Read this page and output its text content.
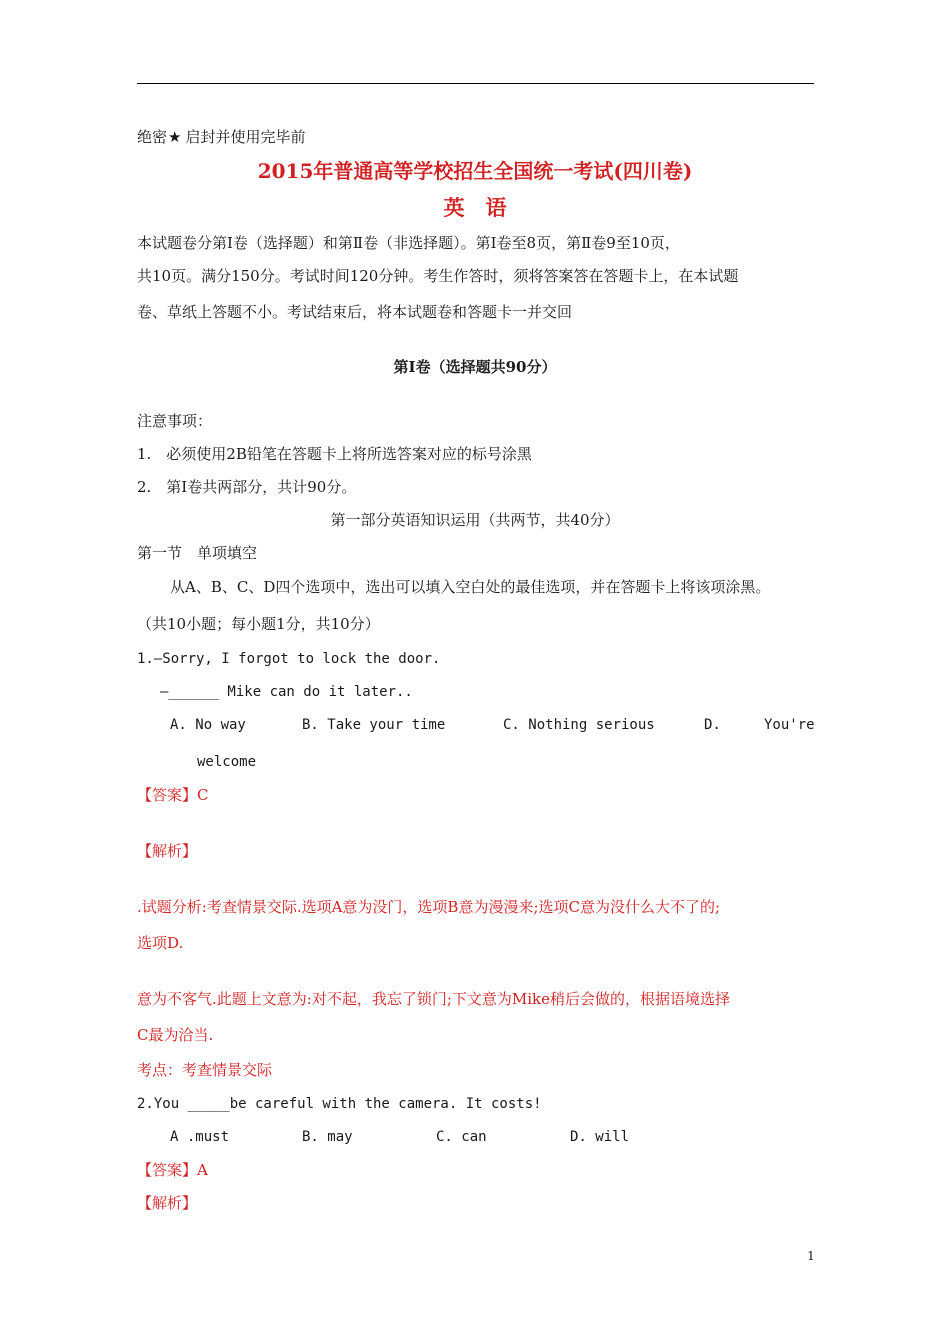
绝密★ 启封并使用完毕前
2015年普通高等学校招生全国统一考试(四川卷)
英　语
本试题卷分第Ⅰ卷（选择题）和第Ⅱ卷（非选择题）。第Ⅰ卷至8页，第Ⅱ卷9至10页，
共10页。满分150分。考试时间120分钟。考生作答时，须将答案答在答题卡上，在本试题
卷、草纸上答题不小。考试结束后，将本试题卷和答题卡一并交回
第Ⅰ卷（选择题共90分）
注意事项：
1.　必须使用2B铅笔在答题卡上将所选答案对应的标号涂黑
2.　第Ⅰ卷共两部分，共计90分。
第一部分英语知识运用（共两节，共40分）
第一节　单项填空
从A、B、C、D四个选项中，选出可以填入空白处的最佳选项，并在答题卡上将该项涂黑。
（共10小题；每小题1分，共10分）
1.—Sorry, I forgot to lock the door.
—______ Mike can do it later..
A. No way	B. Take your time	C. Nothing serious	D.	You're
welcome
【答案】C
【解析】
.试题分析:考查情景交际.选项A意为没门，选项B意为漫漫来;选项C意为没什么大不了的;
选项D.
意为不客气.此题上文意为:对不起，我忘了锁门;下文意为Mike稍后会做的，根据语境选择
C最为洽当.
考点：考查情景交际
2.You _____be careful with the camera. It costs!
A .must	B. may	C. can	D. will
【答案】A
【解析】
1
